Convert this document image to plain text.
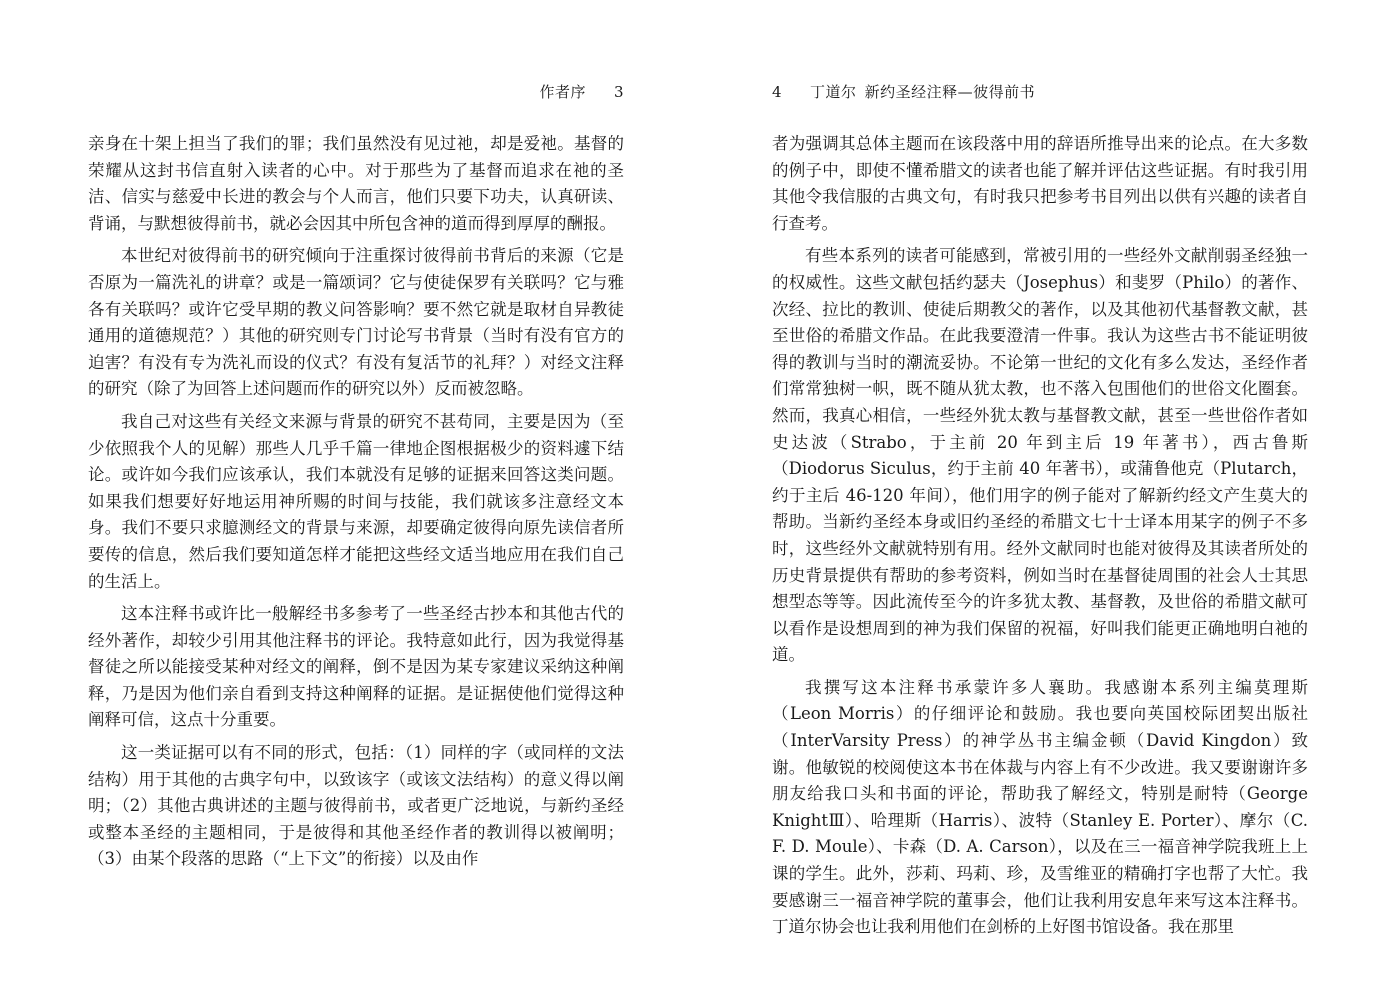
作者序 3

亲身在十架上担当了我们的罪；我们虽然没有见过祂，却是爱祂。基督的荣耀从这封书信直射入读者的心中。对于那些为了基督而追求在祂的圣洁、信实与慈爱中长进的教会与个人而言，他们只要下功夫，认真研读、背诵，与默想彼得前书，就必会因其中所包含神的道而得到厚厚的酬报。

本世纪对彼得前书的研究倾向于注重探讨彼得前书背后的来源（它是否原为一篇洗礼的讲章？或是一篇颂词？它与使徒保罗有关联吗？它与雅各有关联吗？或许它受早期的教义问答影响？要不然它就是取材自异教徒通用的道德规范？）其他的研究则专门讨论写书背景（当时有没有官方的迫害？有没有专为洗礼而设的仪式？有没有复活节的礼拜？）对经文注释的研究（除了为回答上述问题而作的研究以外）反而被忽略。

我自己对这些有关经文来源与背景的研究不甚苟同，主要是因为（至少依照我个人的见解）那些人几乎千篇一律地企图根据极少的资料遽下结论。或许如今我们应该承认，我们本就没有足够的证据来回答这类问题。如果我们想要好好地运用神所赐的时间与技能，我们就该多注意经文本身。我们不要只求臆测经文的背景与来源，却要确定彼得向原先读信者所要传的信息，然后我们要知道怎样才能把这些经文适当地应用在我们自己的生活上。

这本注释书或许比一般解经书多参考了一些圣经古抄本和其他古代的经外著作，却较少引用其他注释书的评论。我特意如此行，因为我觉得基督徒之所以能接受某种对经文的阐释，倒不是因为某专家建议采纳这种阐释，乃是因为他们亲自看到支持这种阐释的证据。是证据使他们觉得这种阐释可信，这点十分重要。

这一类证据可以有不同的形式，包括：（1）同样的字（或同样的文法结构）用于其他的古典字句中，以致该字（或该文法结构）的意义得以阐明；（2）其他古典讲述的主题与彼得前书，或者更广泛地说，与新约圣经或整本圣经的主题相同，于是彼得和其他圣经作者的教训得以被阐明；（3）由某个段落的思路（“上下文”的衔接）以及由作

4 丁道尔 新约圣经注释—彼得前书

者为强调其总体主题而在该段落中用的辞语所推导出来的论点。在大多数的例子中，即使不懂希腊文的读者也能了解并评估这些证据。有时我引用其他令我信服的古典文句，有时我只把参考书目列出以供有兴趣的读者自行查考。

有些本系列的读者可能感到，常被引用的一些经外文献削弱圣经独一的权威性。这些文献包括约瑟夫（Josephus）和斐罗（Philo）的著作、次经、拉比的教训、使徒后期教父的著作，以及其他初代基督教文献，甚至世俗的希腊文作品。在此我要澄清一件事。我认为这些古书不能证明彼得的教训与当时的潮流妥协。不论第一世纪的文化有多么发达，圣经作者们常常独树一帜，既不随从犹太教，也不落入包围他们的世俗文化圈套。然而，我真心相信，一些经外犹太教与基督教文献，甚至一些世俗作者如史达波（Strabo，于主前 20 年到主后 19 年著书），西古鲁斯（Diodorus Siculus，约于主前 40 年著书），或蒲鲁他克（Plutarch，约于主后 46-120 年间），他们用字的例子能对了解新约经文产生莫大的帮助。当新约圣经本身或旧约圣经的希腊文七十士译本用某字的例子不多时，这些经外文献就特别有用。经外文献同时也能对彼得及其读者所处的历史背景提供有帮助的参考资料，例如当时在基督徒周围的社会人士其思想型态等等。因此流传至今的许多犹太教、基督教，及世俗的希腊文献可以看作是设想周到的神为我们保留的祝福，好叫我们能更正确地明白祂的道。

我撰写这本注释书承蒙许多人襄助。我感谢本系列主编莫理斯（Leon Morris）的仔细评论和鼓励。我也要向英国校际团契出版社（InterVarsity Press）的神学丛书主编金顿（David Kingdon）致谢。他敏锐的校阅使这本书在体裁与内容上有不少改进。我又要谢谢许多朋友给我口头和书面的评论，帮助我了解经文，特别是耐特（George KnightⅢ）、哈理斯（Harris）、波特（Stanley E. Porter）、摩尔（C. F. D. Moule）、卡森（D. A. Carson），以及在三一福音神学院我班上上课的学生。此外，莎莉、玛莉、珍，及雪维亚的精确打字也帮了大忙。我要感谢三一福音神学院的董事会，他们让我利用安息年来写这本注释书。丁道尔协会也让我利用他们在剑桥的上好图书馆设备。我在那里
